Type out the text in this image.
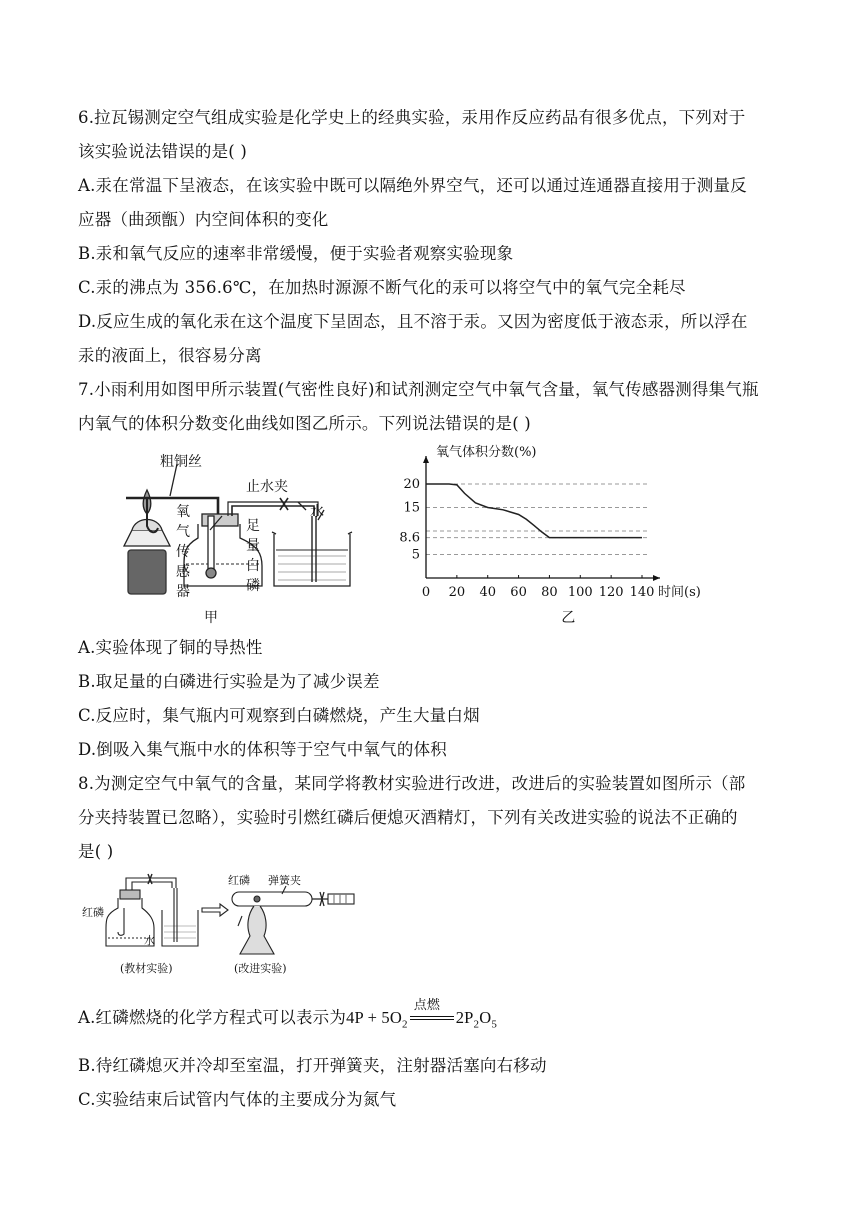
6.拉瓦锡测定空气组成实验是化学史上的经典实验，汞用作反应药品有很多优点，下列对于
该实验说法错误的是( )
A.汞在常温下呈液态，在该实验中既可以隔绝外界空气，还可以通过连通器直接用于测量反
应器（曲颈甑）内空间体积的变化
B.汞和氧气反应的速率非常缓慢，便于实验者观察实验现象
C.汞的沸点为 356.6℃，在加热时源源不断气化的汞可以将空气中的氧气完全耗尽
D.反应生成的氧化汞在这个温度下呈固态，且不溶于汞。又因为密度低于液态汞，所以浮在
汞的液面上，很容易分离
7.小雨利用如图甲所示装置(气密性良好)和试剂测定空气中氧气含量，氧气传感器测得集气瓶
内氧气的体积分数变化曲线如图乙所示。下列说法错误的是( )
粗铜丝
止水夹
水
氧
气
传
感
器
足
量
白
磷
甲
0 20 40 60 80 100 120 140
20
15
8.6
5
氧气体积分数(%)
时间(s)
乙
A.实验体现了铜的导热性
B.取足量的白磷进行实验是为了减少误差
C.反应时，集气瓶内可观察到白磷燃烧，产生大量白烟
D.倒吸入集气瓶中水的体积等于空气中氧气的体积
8.为测定空气中氧气的含量，某同学将教材实验进行改进，改进后的实验装置如图所示（部
分夹持装置已忽略），实验时引燃红磷后便熄灭酒精灯，下列有关改进实验的说法不正确的
是( )
红磷
水
(教材实验)
红磷 弹簧夹
(改进实验)
A.红磷燃烧的化学方程式可以表示为$4P + 5O_2$
点燃
$2P_2O_5$
B.待红磷熄灭并冷却至室温，打开弹簧夹，注射器活塞向右移动
C.实验结束后试管内气体的主要成分为氮气
